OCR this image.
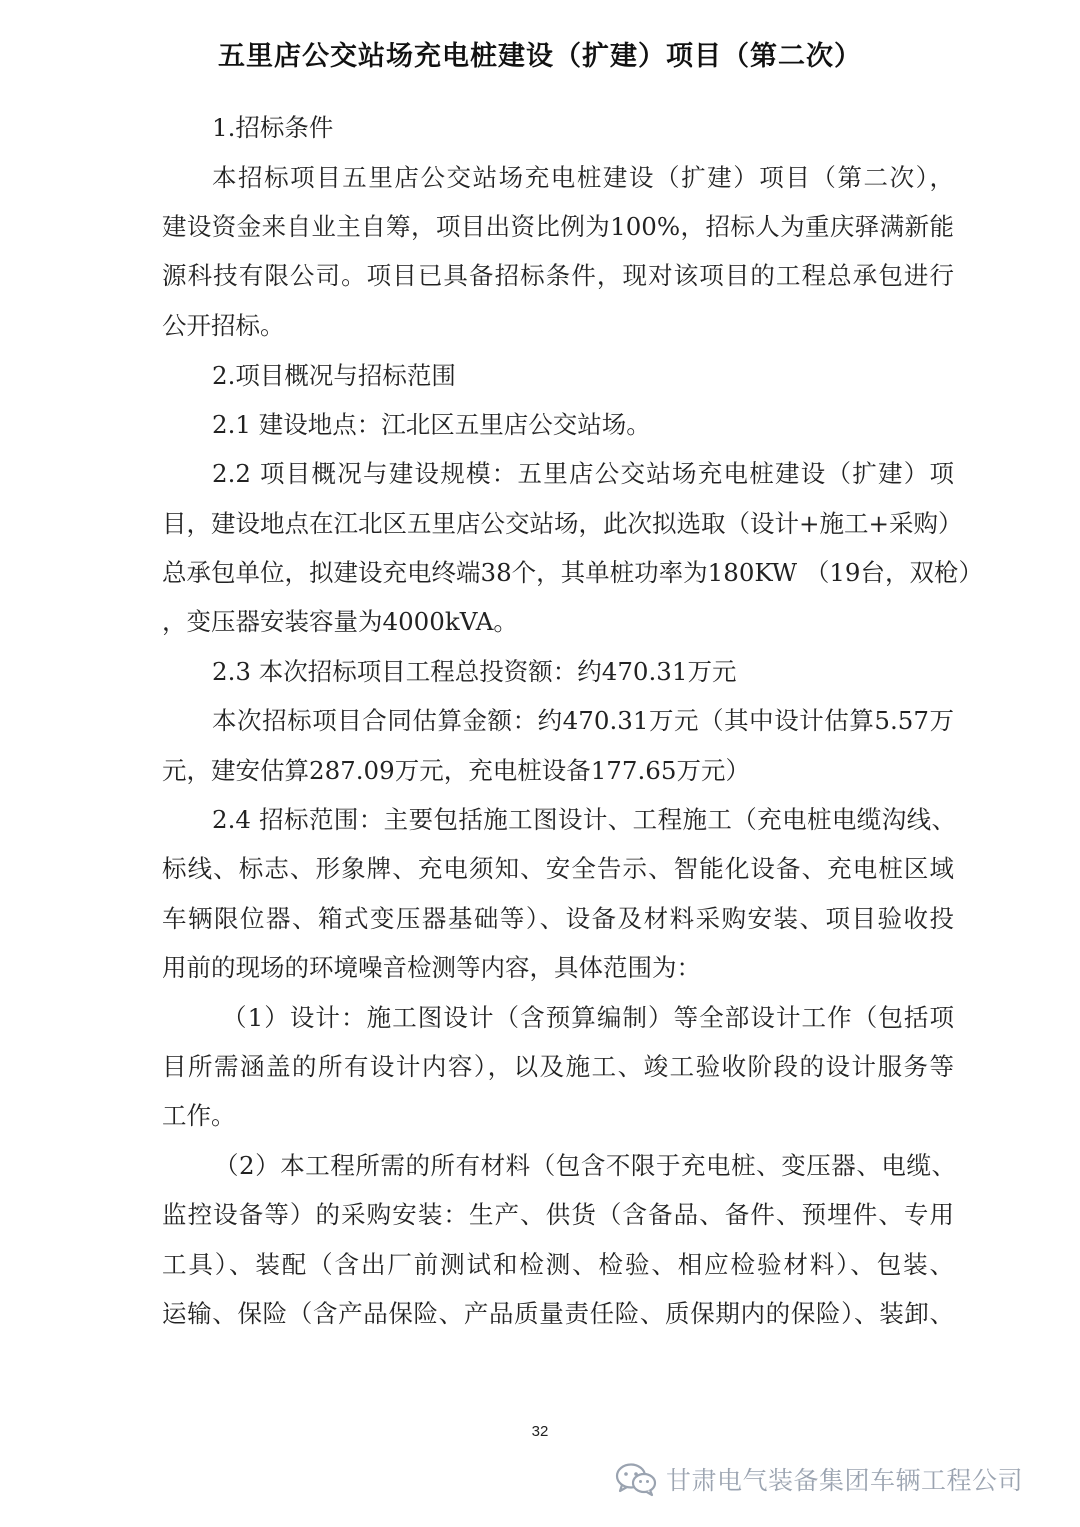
五里店公交站场充电桩建设（扩建）项目（第二次）
1.招标条件
本招标项目五里店公交站场充电桩建设（扩建）项目（第二次），
建设资金来自业主自筹，项目出资比例为100%，招标人为重庆驿满新能
源科技有限公司。项目已具备招标条件，现对该项目的工程总承包进行
公开招标。
2.项目概况与招标范围
2.1 建设地点：江北区五里店公交站场。
2.2 项目概况与建设规模：五里店公交站场充电桩建设（扩建）项
目，建设地点在江北区五里店公交站场，此次拟选取（设计+施工+采购）
总承包单位，拟建设充电终端38个，其单桩功率为180KW （19台，双枪）
，变压器安装容量为4000kVA。
2.3 本次招标项目工程总投资额：约470.31万元
本次招标项目合同估算金额：约470.31万元（其中设计估算5.57万
元，建安估算287.09万元，充电桩设备177.65万元）
2.4 招标范围：主要包括施工图设计、工程施工（充电桩电缆沟线、
标线、标志、形象牌、充电须知、安全告示、智能化设备、充电桩区域
车辆限位器、箱式变压器基础等）、设备及材料采购安装、项目验收投
用前的现场的环境噪音检测等内容，具体范围为：
（1）设计：施工图设计（含预算编制）等全部设计工作（包括项
目所需涵盖的所有设计内容），以及施工、竣工验收阶段的设计服务等
工作。
（2）本工程所需的所有材料（包含不限于充电桩、变压器、电缆、
监控设备等）的采购安装：生产、供货（含备品、备件、预埋件、专用
工具）、装配（含出厂前测试和检测、检验、相应检验材料）、包装、
运输、保险（含产品保险、产品质量责任险、质保期内的保险）、装卸、
32
甘肃电气装备集团车辆工程公司
